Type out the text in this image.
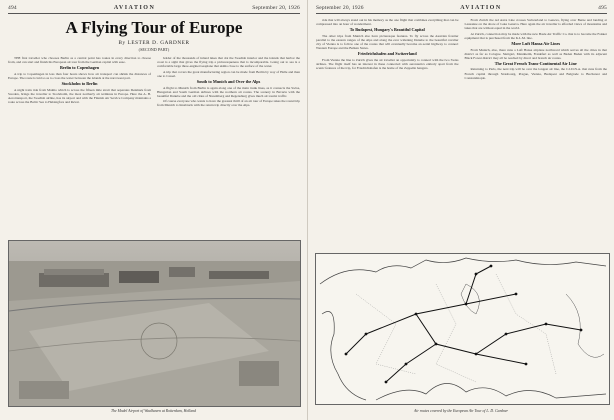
494	AVIATION	September 20, 1926
A Flying Tour of Europe
By LESTER D. GARDNER
(SECOND PART)

THE first traveller who chooses Berlin as a central point has routes in every direction to choose from, and can start and finish his European air tour from the German capital with ease.

Berlin to Copenhagen

A trip to Copenhagen in less than four hours shows how air transport can shrink the distances of Europe. The route is laid so as to cross the water between the islands at the narrowest part.

Stockholm to Berlin

A night train ride from Malmo which is across the fifteen mile strait that separates Denmark from Sweden, brings the traveller to Stockholm, the most northerly air terminus in Europe. Here the A. B. Aerotransport, the Swedish airline, has its airport and with the Finnish Air Service Company maintains a route across the Baltic Sea to Helsingfors and Reval.

holder of the thousands of inland lakes that dot the Swedish interior and the islands that harbor the coast is a sight that gives the flying trip a picturesqueness that is incomparable. Going out to sea is a comfortable large three-engined seaplane that skims close to the surface of the water.

A trip that covers the great manufacturing region can be made from Berlin by way of Halle and then one to Cassel.

South to Munich and Over the Alps

A flight to Munich from Berlin is again along one of the main trunk lines, as it connects the Swiss, Hungarian and South German airlines with the northern air routes. The scenery in Bavaria with the beautiful Danube and the old cities of Nuremberg and Regensburg gives much air tourist traffic.

Of course everyone who wants to have the greatest thrill of an air tour of Europe takes the round trip from Munich to Innsbruck with the return trip directly over the Alps.

The Model Airport of Waalhaven at Rotterdam, Holland
September 20, 1926	AVIATION	495

ride that will always stand out in his memory as the one flight that combines everything that can be compressed into an hour of wonderment.

To Budapest, Hungary's Beautiful Capital

The other trips from Munich also have picturesque features. To fly across the Austrian frontier parallel to the eastern ranges of the Alps and along the ever widening Danube to the beautiful cavalier city of Vienna is to follow one of the routes that will eventually become an aerial highway to connect Western Europe and the Balkan States.

Friedrichshafen and Switzerland

From Vienna the line to Zurich gives the air traveller an opportunity to connect with the two Swiss airlines. The flight itself has an interest in these connected with aeronautics entirely apart from the scenic features of the trip, for Friedrichshafen is the home of the Zeppelin hangars.

From Zurich the Ad Astra Line crosses Switzerland to Geneva, flying over Berne and landing at Lausanne on the shore of Lake Geneva. Here again the air traveller is afforded views of mountains and lakes that are without equal in the world.

At Zurich, connection may be made with the new Basle Air Traffic Co. that is to become the Fokker equipment that is purchased from the K.L.M. line.

More Luft Hansa Air Lines

From Munich, also, there runs a Luft Hansa airplane northward which serves all the cities in that district as far as Cologne. Stuttgart, Mannheim, Frankfurt as well as Baden Baden with its adjacent Black Forest district may all be reached by direct and branch air routes.

The Great French Trans-Continental Air Line

Returning to Paris, the next trip will be over the longest air line, the C.I.D.N.A. that runs from the French capital through Strasbourg, Prague, Vienna, Budapest and Belgrade to Bucharest and Constantinople.

Air routes covered by the European Air Tour of L. D. Gardner
